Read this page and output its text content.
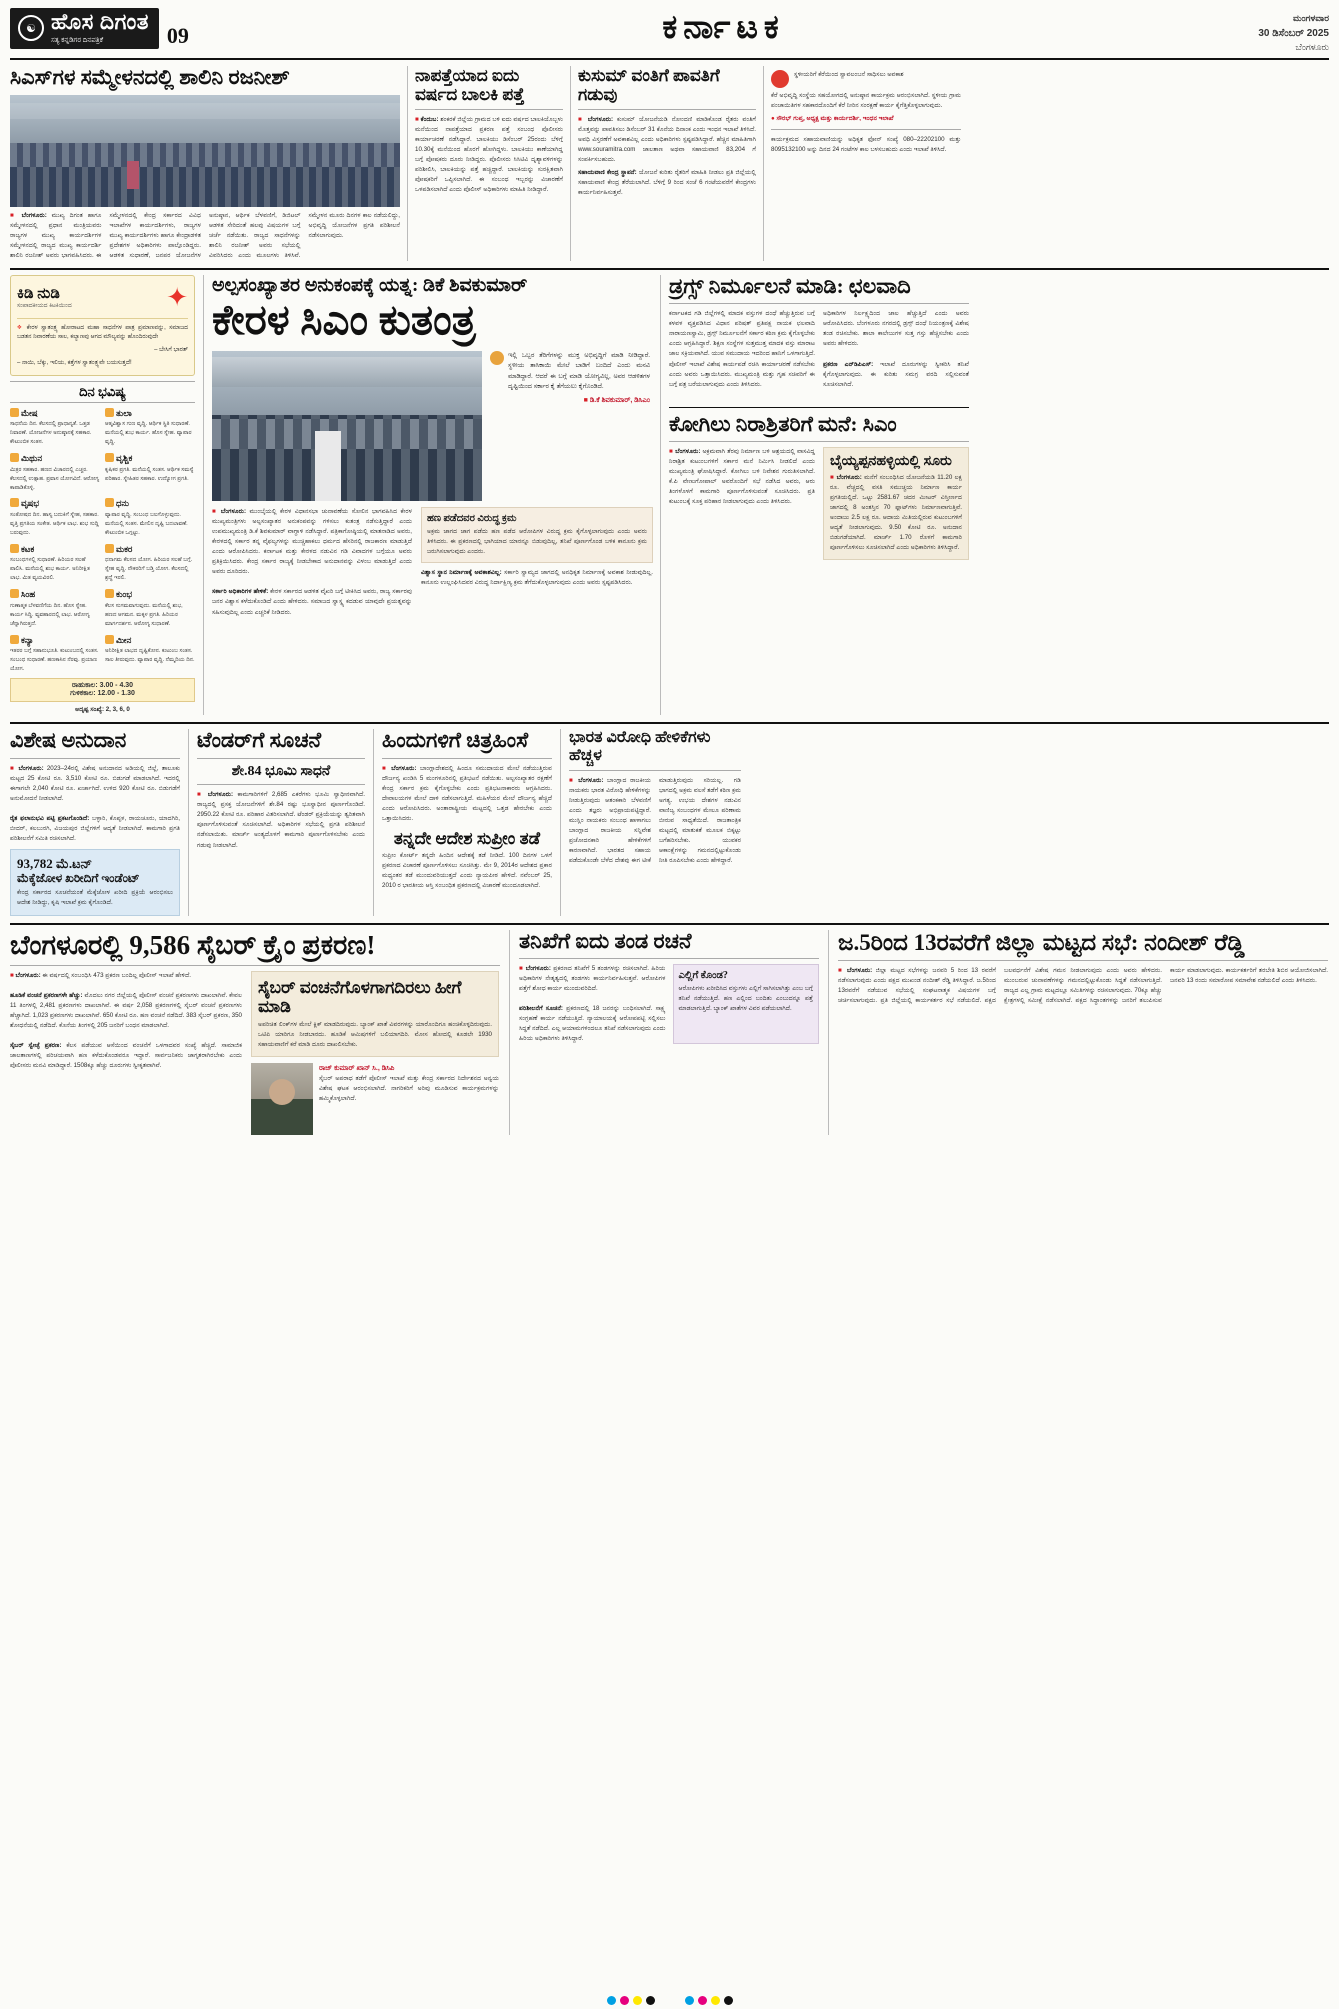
☯ ಹೊಸ ದಿಗಂತ
ಸತ್ಯ ಕನ್ನಡಿಗರ ದಿನಪತ್ರಿಕೆ	09	ಕರ್ನಾಟಕ	ಮಂಗಳವಾರ
30 ಡಿಸೆಂಬರ್ 2025
ಬೆಂಗಳೂರು
ಸಿಎಸ್‌ಗಳ ಸಮ್ಮೇಳನದಲ್ಲಿ ಶಾಲಿನಿ ರಜನೀಶ್
■ ಬೆಂಗಳೂರು: ಮುಖ್ಯ ದಿಗಂತ ಹಾಗೂ ಸಮ್ಮೇಳನದಲ್ಲಿ ಪ್ರಧಾನ ಮಂತ್ರಿಯವರು ರಾಜ್ಯಗಳ ಮುಖ್ಯ ಕಾರ್ಯದರ್ಶಿಗಳ ಸಮ್ಮೇಳನದಲ್ಲಿ ರಾಜ್ಯದ ಮುಖ್ಯ ಕಾರ್ಯದರ್ಶಿ ಶಾಲಿನಿ ರಜನೀಶ್ ಅವರು ಭಾಗವಹಿಸಿದರು. ಈ ಸಮ್ಮೇಳನದಲ್ಲಿ ಕೇಂದ್ರ ಸರ್ಕಾರದ ವಿವಿಧ ಇಲಾಖೆಗಳ ಕಾರ್ಯದರ್ಶಿಗಳು, ರಾಜ್ಯಗಳ ಮುಖ್ಯ ಕಾರ್ಯದರ್ಶಿಗಳು ಹಾಗೂ ಕೇಂದ್ರಾಡಳಿತ ಪ್ರದೇಶಗಳ ಅಧಿಕಾರಿಗಳು ಪಾಲ್ಗೊಂಡಿದ್ದರು. ಆಡಳಿತ ಸುಧಾರಣೆ, ಜನಪರ ಯೋಜನೆಗಳ ಅನುಷ್ಠಾನ, ಆರ್ಥಿಕ ಬೆಳವಣಿಗೆ, ಡಿಜಿಟಲ್ ಆಡಳಿತ ಸೇರಿದಂತೆ ಹಲವು ವಿಷಯಗಳ ಬಗ್ಗೆ ಚರ್ಚೆ ನಡೆಯಿತು. ರಾಜ್ಯದ ಸಾಧನೆಗಳನ್ನು ಶಾಲಿನಿ ರಜನೀಶ್ ಅವರು ಸಭೆಯಲ್ಲಿ ವಿವರಿಸಿದರು ಎಂದು ಮೂಲಗಳು ತಿಳಿಸಿವೆ. ಸಮ್ಮೇಳನ ಮೂರು ದಿನಗಳ ಕಾಲ ನಡೆಯಲಿದ್ದು, ಅಭಿವೃದ್ಧಿ ಯೋಜನೆಗಳ ಪ್ರಗತಿ ಪರಿಶೀಲನೆ ನಡೆಸಲಾಗುವುದು.
ನಾಪತ್ತೆಯಾದ ಐದು ವರ್ಷದ ಬಾಲಕಿ ಪತ್ತೆ
■ ಕೆಂದುಬ: ಶಂಕರಕೆ ಜಿಲ್ಲೆಯ ಗ್ರಾಮದ ಬಳಿ ಐದು ವರ್ಷದ ಬಾಲಕಿಯೊಬ್ಬಳು ಮನೆಯಿಂದ ನಾಪತ್ತೆಯಾದ ಪ್ರಕರಣ ಪತ್ತೆ ಸಂಬಂಧ ಪೊಲೀಸರು ಕಾರ್ಯಾಚರಣೆ ನಡೆಸಿದ್ದಾರೆ. ಬಾಲಕಿಯು ಡಿಸೆಂಬರ್ 25ರಂದು ಬೆಳಿಗ್ಗೆ 10.30ಕ್ಕೆ ಮನೆಯಿಂದ ಹೊರಗೆ ಹೋಗಿದ್ದಳು. ಬಾಲಕಿಯು ಕಾಣೆಯಾಗಿದ್ದ ಬಗ್ಗೆ ಪೋಷಕರು ದೂರು ನೀಡಿದ್ದರು. ಪೊಲೀಸರು ಸಿಸಿಟಿವಿ ದೃಶ್ಯಾವಳಿಗಳನ್ನು ಪರಿಶೀಲಿಸಿ, ಬಾಲಕಿಯನ್ನು ಪತ್ತೆ ಹಚ್ಚಿದ್ದಾರೆ. ಬಾಲಕಿಯನ್ನು ಸುರಕ್ಷಿತವಾಗಿ ಪೋಷಕರಿಗೆ ಒಪ್ಪಿಸಲಾಗಿದೆ. ಈ ಸಂಬಂಧ ಇಬ್ಬರನ್ನು ವಿಚಾರಣೆಗೆ ಒಳಪಡಿಸಲಾಗಿದೆ ಎಂದು ಪೊಲೀಸ್ ಅಧಿಕಾರಿಗಳು ಮಾಹಿತಿ ನೀಡಿದ್ದಾರೆ.
ಕುಸುಮ್ ವಂತಿಗೆ ಪಾವತಿಗೆ ಗಡುವು
■ ಬೆಂಗಳೂರು: ಕುಸುಮ್ ಯೋಜನೆಯಡಿ ನೋಂದಣಿ ಮಾಡಿಕೊಂಡ ರೈತರು ವಂತಿಗೆ ಮೊತ್ತವನ್ನು ಪಾವತಿಸಲು ಡಿಸೆಂಬರ್ 31 ಕೊನೆಯ ದಿನಾಂಕ ಎಂದು ಇಂಧನ ಇಲಾಖೆ ತಿಳಿಸಿದೆ. ಅವಧಿ ವಿಸ್ತರಣೆಗೆ ಅವಕಾಶವಿಲ್ಲ ಎಂದು ಅಧಿಕಾರಿಗಳು ಸ್ಪಷ್ಟಪಡಿಸಿದ್ದಾರೆ. ಹೆಚ್ಚಿನ ಮಾಹಿತಿಗಾಗಿ www.souramitra.com ಜಾಲತಾಣ ಅಥವಾ ಸಹಾಯವಾಣಿ 83,204 ಗೆ ಸಂಪರ್ಕಿಸಬಹುದು.
ಸಹಾಯವಾಣಿ ಕೇಂದ್ರ ಸ್ಥಾಪನೆ: ಯೋಜನೆ ಕುರಿತು ರೈತರಿಗೆ ಮಾಹಿತಿ ನೀಡಲು ಪ್ರತಿ ಜಿಲ್ಲೆಯಲ್ಲಿ ಸಹಾಯವಾಣಿ ಕೇಂದ್ರ ತೆರೆಯಲಾಗಿದೆ. ಬೆಳಿಗ್ಗೆ 9 ರಿಂದ ಸಂಜೆ 6 ಗಂಟೆಯವರೆಗೆ ಕೇಂದ್ರಗಳು ಕಾರ್ಯನಿರ್ವಹಿಸುತ್ತವೆ.
ಸ್ಥಳೀಯರಿಗೆ ಕೆರೆಯಿಂದ ಸ್ವಾವಲಂಬನೆ ಸಾಧಿಸಲು ಅವಕಾಶ
ಕೆರೆ ಅಭಿವೃದ್ಧಿ ಸಂಸ್ಥೆಯ ಸಹಯೋಗದಲ್ಲಿ ಅನುಷ್ಠಾನ ಕಾರ್ಯಕ್ರಮ ಆರಂಭಿಸಲಾಗಿದೆ. ಸ್ಥಳೀಯ ಗ್ರಾಮ ಪಂಚಾಯಿತಿಗಳ ಸಹಕಾರದೊಂದಿಗೆ ಕೆರೆ ನೀರಿನ ಸಂರಕ್ಷಣೆ ಕಾರ್ಯ ಕೈಗೆತ್ತಿಕೊಳ್ಳಲಾಗುವುದು.
● ಸೌರಭ್ ಗುಪ್ತ, ಅಧ್ಯಕ್ಷ ಮತ್ತು ಕಾರ್ಯದರ್ಶಿ, ಇಂಧನ ಇಲಾಖೆ
ಕಾರ್ಯಕ್ರಮದ ಸಹಾಯವಾಣಿಯನ್ನು ಅಧಿಕೃತ ಫೋನ್ ಸಂಖ್ಯೆ 080–22202100 ಮತ್ತು 8095132100 ಅನ್ನು ದಿನದ 24 ಗಂಟೆಗಳ ಕಾಲ ಬಳಸಬಹುದು ಎಂದು ಇಲಾಖೆ ತಿಳಿಸಿದೆ.
ಕಿಡಿ ನುಡಿ
ಸಂಪಾದಕೀಯದ ಕಿಟಕಿಯಿಂದ	✦
❖ ಕೇರಳ ಸ್ವಾತಂತ್ರ್ಯ ಹೋರಾಟದ ಮಹಾ ಸಾಧನೆಗಳ ಪಾತ್ರ ಪ್ರಮಾಣವನ್ನು, ಸಮಾಜದ ಬಡತನ ನಿವಾರಣೆಯ ಸಾಲ, ಕಲ್ಯಾಣವು ಆಗದ ಮೌಲ್ಯವನ್ನು ಹೊಂದಿರುವುದೇ
– ಬೇಸಿಗೆ ಭಾರತ್
– ನಾಯಿ, ಬೆಕ್ಕು, ಇಲಿಯ, ಕತ್ತೆಗಳ ಸ್ವಾತಂತ್ರ್ಯವೇ ಬಯಸುತ್ತದೆ!
ದಿನ ಭವಿಷ್ಯ
ಮೇಷ
ಸಾಧನೆಯ ದಿನ. ಕೆಲಸದಲ್ಲಿ ಪ್ರಾಧಾನ್ಯತೆ. ಒತ್ತಡ ನಿವಾರಣೆ. ಯೋಜನೆಗಳ ಅನುಷ್ಠಾನಕ್ಕೆ ಸಹಕಾರ. ಕೌಟುಂಬಿಕ ಸಂತಸ.
ತುಲಾ
ಆತ್ಮವಿಶ್ವಾಸ ಗುಣ ವೃದ್ಧಿ. ಆರ್ಥಿಕ ಸ್ಥಿತಿ ಸುಧಾರಣೆ. ಮನೆಯಲ್ಲಿ ಶುಭ ಕಾರ್ಯ. ಹೊಸ ಸ್ನೇಹ. ವ್ಯಾಪಾರ ವೃದ್ಧಿ.
ಮಿಥುನ
ಮಿತ್ರರ ಸಹಕಾರ. ಹಣದ ವಿಚಾರದಲ್ಲಿ ಎಚ್ಚರ. ಕೆಲಸದಲ್ಲಿ ಉತ್ಸಾಹ. ಪ್ರವಾಸ ಯೋಗವಿದೆ. ಆರೋಗ್ಯ ಕಾಪಾಡಿಕೊಳ್ಳಿ.
ವೃಶ್ಚಿಕ
ಕೃಷಿಕರ ಪ್ರಗತಿ. ಮನೆಯಲ್ಲಿ ಸಂತಸ. ಆರ್ಥಿಕ ಸಮಸ್ಯೆ ಪರಿಹಾರ. ಸ್ನೇಹಿತರ ಸಹಕಾರ. ಉದ್ಯೋಗ ಪ್ರಗತಿ.
ವೃಷಭ
ಸಂತೋಷದ ದಿನ. ಹಾಸ್ಯ ಬದುಕಿಗೆ ಸ್ನೇಹ, ಸಹಕಾರ. ವೃತ್ತಿ ಪ್ರಗತಿಯ ಸಂಕೇತ. ಆರ್ಥಿಕ ಲಾಭ. ಶುಭ ಸುದ್ದಿ ಬರುವುದು.
ಧನು
ವ್ಯಾಪಾರ ವೃದ್ಧಿ. ಸಂಬಂಧ ಬಲಗೊಳ್ಳುವುದು. ಮನೆಯಲ್ಲಿ ಸಂತಸ. ಮೇಲಿನ ದೃಷ್ಟಿ ಬದಲಾವಣೆ. ಕೌಟುಂಬಿಕ ಒಗ್ಗಟ್ಟು.
ಕಟಕ
ಸಂಬಂಧಗಳಲ್ಲಿ ಸುಧಾರಣೆ. ಹಿರಿಯರ ಸಲಹೆ ಪಾಲಿಸಿ. ಮನೆಯಲ್ಲಿ ಶುಭ ಕಾರ್ಯ. ಅನಿರೀಕ್ಷಿತ ಲಾಭ. ಮಿತ ವ್ಯಯವಿರಲಿ.
ಮಕರ
ಧನಾಗಮ ಕೆಲಸದ ಯೋಗ. ಹಿರಿಯರ ಸಲಹೆ ಬಗ್ಗೆ. ಸ್ನೇಹ ವೃದ್ಧಿ. ನೌಕರರಿಗೆ ಬಡ್ತಿ ಯೋಗ. ಕೆಲಸದಲ್ಲಿ ಶ್ರದ್ಧೆ ಇರಲಿ.
ಸಿಂಹ
ಗುಣಾತ್ಮಕ ಬೆಳವಣಿಗೆಯ ದಿನ. ಹೊಸ ಸ್ನೇಹ. ಕಾರ್ಯ ಸಿದ್ಧಿ. ವ್ಯವಹಾರದಲ್ಲಿ ಲಾಭ. ಆರೋಗ್ಯ ಚೆನ್ನಾಗಿರುತ್ತದೆ.
ಕುಂಭ
ಕೆಲಸ ಸುಗಮವಾಗುವುದು. ಮನೆಯಲ್ಲಿ ಶುಭ, ಹಣದ ಆಗಮನ. ಮಕ್ಕಳ ಪ್ರಗತಿ. ಹಿರಿಯರ ಮಾರ್ಗದರ್ಶನ. ಆರೋಗ್ಯ ಸುಧಾರಣೆ.
ಕನ್ಯಾ
ಇತರರ ಬಗ್ಗೆ ಸಹಾನುಭೂತಿ. ಕುಟುಂಬದಲ್ಲಿ ಸಂತಸ. ಸಂಬಂಧ ಸುಧಾರಣೆ. ಹಣಕಾಸಿನ ನೆರವು. ಪ್ರಯಾಣ ಯೋಗ.
ಮೀನ
ಅನಿರೀಕ್ಷಿತ ಲಾಭದ ದೃಷ್ಟಿಕೋನ. ಕುಟುಂಬ ಸಂತಸ. ಸಾಲ ತೀರುವುದು. ವ್ಯಾಪಾರ ವೃದ್ಧಿ. ನೆಮ್ಮದಿಯ ದಿನ.
ರಾಹುಕಾಲ: 3.00 - 4.30
ಗುಳಿಕಕಾಲ: 12.00 - 1.30
ಅದೃಷ್ಟ ಸಂಖ್ಯೆ: 2, 3, 6, 0
ಅಲ್ಪಸಂಖ್ಯಾತರ ಅನುಕಂಪಕ್ಕೆ ಯತ್ನ: ಡಿಕೆ ಶಿವಕುಮಾರ್
ಕೇರಳ ಸಿಎಂ ಕುತಂತ್ರ
ಇಲ್ಲಿ ಒಬ್ಬರ ತೆರಿಗೆಗಳನ್ನು ಮುಕ್ತ ಅಭಿವೃದ್ಧಿಗೆ ಮಾಡಿ ನೀಡಿದ್ದಾರೆ. ಸ್ಥಳೀಯ ತಾಸಿಕಾಯಿ ಮೇಲೆ ಬಾಡಿಗೆ ಬಂದಿದೆ ಎಂದು ಮನವಿ ಮಾಡಿದ್ದಾರೆ. ಆದರೆ ಈ ಬಗ್ಗೆ ಮಾಡಿ ಯೋಗ್ಯವಿಲ್ಲ, ಅವರ ಆಡಳಿತಗಳ ದೃಷ್ಟಿಯಿಂದ ಸರ್ಕಾರ ಕೈ ತೆಗೆಯಲು ಕೈಗೊಂಡಿದೆ.
■ ಡಿ.ಕೆ ಶಿವಕುಮಾರ್, ಡಿಸಿಎಂ
■ ಬೆಂಗಳೂರು: ಮುಂಬೈಯಲ್ಲಿ ಕೇರಳ ವಿಧಾನಸಭಾ ಚುನಾವಣೆಯ ಸೋಲಿನ ಭಾಗವಹಿಸಿದ ಕೇರಳ ಮುಖ್ಯಮಂತ್ರಿಗಳು ಅಲ್ಪಸಂಖ್ಯಾತರ ಅನುಕಂಪವನ್ನು ಗಳಿಸಲು ಕುತಂತ್ರ ನಡೆಸುತ್ತಿದ್ದಾರೆ ಎಂದು ಉಪಮುಖ್ಯಮಂತ್ರಿ ಡಿ.ಕೆ ಶಿವಕುಮಾರ್ ವಾಗ್ದಾಳಿ ನಡೆಸಿದ್ದಾರೆ. ಪತ್ರಿಕಾಗೋಷ್ಠಿಯಲ್ಲಿ ಮಾತನಾಡಿದ ಅವರು, ಕೇರಳದಲ್ಲಿ ಸರ್ಕಾರ ತನ್ನ ವೈಫಲ್ಯಗಳನ್ನು ಮುಚ್ಚಿಹಾಕಲು ಧರ್ಮದ ಹೆಸರಿನಲ್ಲಿ ರಾಜಕಾರಣ ಮಾಡುತ್ತಿದೆ ಎಂದು ಆರೋಪಿಸಿದರು. ಕರ್ನಾಟಕ ಮತ್ತು ಕೇರಳದ ನಡುವಿನ ಗಡಿ ವಿವಾದಗಳ ಬಗ್ಗೆಯೂ ಅವರು ಪ್ರತಿಕ್ರಿಯಿಸಿದರು. ಕೇಂದ್ರ ಸರ್ಕಾರ ರಾಜ್ಯಕ್ಕೆ ನೀಡಬೇಕಾದ ಅನುದಾನವನ್ನು ವಿಳಂಬ ಮಾಡುತ್ತಿದೆ ಎಂದು ಅವರು ದೂರಿದರು.

ಸರ್ಕಾರಿ ಅಧಿಕಾರಿಗಳ ಹೇಳಿಕೆ: ಕೇರಳ ಸರ್ಕಾರದ ಆಡಳಿತ ವೈಖರಿ ಬಗ್ಗೆ ಟೀಕಿಸಿದ ಅವರು, ರಾಜ್ಯ ಸರ್ಕಾರವು ಜನರ ವಿಶ್ವಾಸ ಕಳೆದುಕೊಂಡಿದೆ ಎಂದು ಹೇಳಿದರು. ಸಮಾಜದ ಸ್ವಾಸ್ಥ್ಯ ಕದಡುವ ಯಾವುದೇ ಪ್ರಯತ್ನವನ್ನು ಸಹಿಸುವುದಿಲ್ಲ ಎಂದು ಎಚ್ಚರಿಕೆ ನೀಡಿದರು.
ಹಣ ಪಡೆದವರ ವಿರುದ್ಧ ಕ್ರಮ
ಅಕ್ರಮ ಜಾಗದ ಜಾಗ ಪಡೆದು ಹಣ ಪಡೆದ ಆರೋಪಿಗಳ ವಿರುದ್ಧ ಕ್ರಮ ಕೈಗೊಳ್ಳಲಾಗುವುದು ಎಂದು ಅವರು ತಿಳಿಸಿದರು. ಈ ಪ್ರಕರಣದಲ್ಲಿ ಭಾಗಿಯಾದ ಯಾರನ್ನೂ ಬಿಡುವುದಿಲ್ಲ, ತನಿಖೆ ಪೂರ್ಣಗೊಂಡ ಬಳಿಕ ಕಾನೂನು ಕ್ರಮ ಜರುಗಿಸಲಾಗುವುದು ಎಂದರು.
ವಿಶ್ವಾಸ ಸ್ಥಾನ ನಿರ್ಮಾಣಕ್ಕೆ ಅವಕಾಶವಿಲ್ಲ: ಸರ್ಕಾರಿ ಸ್ವಾಮ್ಯದ ಜಾಗದಲ್ಲಿ ಅನಧಿಕೃತ ನಿರ್ಮಾಣಕ್ಕೆ ಅವಕಾಶ ನೀಡುವುದಿಲ್ಲ. ಕಾನೂನು ಉಲ್ಲಂಘಿಸಿದವರ ವಿರುದ್ಧ ನಿರ್ದಾಕ್ಷಿಣ್ಯ ಕ್ರಮ ತೆಗೆದುಕೊಳ್ಳಲಾಗುವುದು ಎಂದು ಅವರು ಸ್ಪಷ್ಟಪಡಿಸಿದರು.
ಡ್ರಗ್ಸ್ ನಿರ್ಮೂಲನೆ ಮಾಡಿ: ಛಲವಾದಿ
ಕರ್ನಾಟಕದ ಗಡಿ ಜಿಲ್ಲೆಗಳಲ್ಲಿ ಮಾದಕ ವಸ್ತುಗಳ ದಂಧೆ ಹೆಚ್ಚುತ್ತಿರುವ ಬಗ್ಗೆ ಕಳವಳ ವ್ಯಕ್ತಪಡಿಸಿದ ವಿಧಾನ ಪರಿಷತ್ ಪ್ರತಿಪಕ್ಷ ನಾಯಕ ಛಲವಾದಿ ನಾರಾಯಣಸ್ವಾಮಿ, ಡ್ರಗ್ಸ್ ನಿರ್ಮೂಲನೆಗೆ ಸರ್ಕಾರ ಕಠಿಣ ಕ್ರಮ ಕೈಗೊಳ್ಳಬೇಕು ಎಂದು ಆಗ್ರಹಿಸಿದ್ದಾರೆ. ಶಿಕ್ಷಣ ಸಂಸ್ಥೆಗಳ ಸುತ್ತಮುತ್ತ ಮಾದಕ ವಸ್ತು ಮಾರಾಟ ಜಾಲ ಸಕ್ರಿಯವಾಗಿದೆ. ಯುವ ಸಮುದಾಯ ಇದರಿಂದ ಹಾನಿಗೆ ಒಳಗಾಗುತ್ತಿದೆ. ಪೊಲೀಸ್ ಇಲಾಖೆ ವಿಶೇಷ ಕಾರ್ಯಪಡೆ ರಚಿಸಿ ಕಾರ್ಯಾಚರಣೆ ನಡೆಸಬೇಕು ಎಂದು ಅವರು ಒತ್ತಾಯಿಸಿದರು. ಮುಖ್ಯಮಂತ್ರಿ ಮತ್ತು ಗೃಹ ಸಚಿವರಿಗೆ ಈ ಬಗ್ಗೆ ಪತ್ರ ಬರೆಯಲಾಗುವುದು ಎಂದು ತಿಳಿಸಿದರು.

ಅಧಿಕಾರಿಗಳ ನಿರ್ಲಕ್ಷ್ಯದಿಂದ ಜಾಲ ಹೆಚ್ಚುತ್ತಿದೆ ಎಂದು ಅವರು ಆರೋಪಿಸಿದರು. ಬೆಂಗಳೂರು ನಗರದಲ್ಲಿ ಡ್ರಗ್ಸ್ ದಂಧೆ ನಿಯಂತ್ರಣಕ್ಕೆ ವಿಶೇಷ ತಂಡ ರಚಿಸಬೇಕು. ಶಾಲಾ ಕಾಲೇಜುಗಳ ಸುತ್ತ ಗಸ್ತು ಹೆಚ್ಚಿಸಬೇಕು ಎಂದು ಅವರು ಹೇಳಿದರು.

ಪ್ರಕರಣ ಎನ್‌ಡಿಪಿಎಸ್: ಇಲಾಖೆ ದೂರುಗಳನ್ನು ಸ್ವೀಕರಿಸಿ ತನಿಖೆ ಕೈಗೊಳ್ಳಲಾಗುವುದು. ಈ ಕುರಿತು ಸಮಗ್ರ ವರದಿ ಸಲ್ಲಿಸುವಂತೆ ಸೂಚಿಸಲಾಗಿದೆ.
ಕೋಗಿಲು ನಿರಾಶ್ರಿತರಿಗೆ ಮನೆ: ಸಿಎಂ
■ ಬೆಂಗಳೂರು: ಅಕ್ರಮವಾಗಿ ತೆರವು ನಿರ್ಮಾಣ ಬಳಿ ಆಶ್ರಯದಲ್ಲಿ ವಾಸವಿದ್ದ ನಿರಾಶ್ರಿತ ಕುಟುಂಬಗಳಿಗೆ ಸರ್ಕಾರ ಮನೆ ನಿರ್ಮಿಸಿ ನೀಡಲಿದೆ ಎಂದು ಮುಖ್ಯಮಂತ್ರಿ ಘೋಷಿಸಿದ್ದಾರೆ. ಕೋಗಿಲು ಬಳಿ ನಿವೇಶನ ಗುರುತಿಸಲಾಗಿದೆ. ಕೆ.ಪಿ ವೇಣುಗೋಪಾಲ್ ಅವರೊಂದಿಗೆ ಸಭೆ ನಡೆಸಿದ ಅವರು, ಆರು ತಿಂಗಳೊಳಗೆ ಕಾಮಗಾರಿ ಪೂರ್ಣಗೊಳಿಸುವಂತೆ ಸೂಚಿಸಿದರು. ಪ್ರತಿ ಕುಟುಂಬಕ್ಕೆ ಸೂಕ್ತ ಪರಿಹಾರ ನೀಡಲಾಗುವುದು ಎಂದು ತಿಳಿಸಿದರು.
ಬೈಯ್ಯಪ್ಪನಹಳ್ಳಿಯಲ್ಲಿ ಸೂರು
■ ಬೆಂಗಳೂರು: ಮನೆಗೆ ಸಂಬಂಧಿಸಿದ ಯೋಜನೆಯಡಿ 11.20 ಲಕ್ಷ ರೂ. ವೆಚ್ಚದಲ್ಲಿ ವಸತಿ ಸಮುಚ್ಚಯ ನಿರ್ಮಾಣ ಕಾರ್ಯ ಪ್ರಗತಿಯಲ್ಲಿದೆ. ಒಟ್ಟು 2581.67 ಚದರ ಮೀಟರ್ ವಿಸ್ತೀರ್ಣದ ಜಾಗದಲ್ಲಿ 8 ಅಂತಸ್ತಿನ 70 ಫ್ಲಾಟ್‌ಗಳು ನಿರ್ಮಾಣವಾಗುತ್ತಿವೆ. ಅಂದಾಜು 2.5 ಲಕ್ಷ ರೂ. ಆದಾಯ ಮಿತಿಯಲ್ಲಿರುವ ಕುಟುಂಬಗಳಿಗೆ ಆದ್ಯತೆ ನೀಡಲಾಗುವುದು. 9.50 ಕೋಟಿ ರೂ. ಅನುದಾನ ಬಿಡುಗಡೆಯಾಗಿದೆ. ಮಾರ್ಚ್ 1.70 ರೊಳಗೆ ಕಾಮಗಾರಿ ಪೂರ್ಣಗೊಳಿಸಲು ಸೂಚಿಸಲಾಗಿದೆ ಎಂದು ಅಧಿಕಾರಿಗಳು ತಿಳಿಸಿದ್ದಾರೆ.
ವಿಶೇಷ ಅನುದಾನ
■ ಬೆಂಗಳೂರು: 2023–24ರಲ್ಲಿ ವಿಶೇಷ ಅನುದಾನದ ಅಡಿಯಲ್ಲಿ ಜಿಲ್ಲೆ, ತಾಲೂಕು ಮಟ್ಟದ 25 ಕೋಟಿ ರೂ. 3,510 ಕೋಟಿ ರೂ. ಬಿಡುಗಡೆ ಮಾಡಲಾಗಿದೆ. ಇದರಲ್ಲಿ ಈಗಾಗಲೇ 2,040 ಕೋಟಿ ರೂ. ಖರ್ಚಾಗಿದೆ. ಉಳಿದ 920 ಕೋಟಿ ರೂ. ಬಿಡುಗಡೆಗೆ ಅನುಮೋದನೆ ನೀಡಲಾಗಿದೆ.

ರೈತ ಫಲಾನುಭವಿ ಪಟ್ಟಿ ಪ್ರಕಟಗೊಂಡಿದೆ: ಬಳ್ಳಾರಿ, ಕೊಪ್ಪಳ, ರಾಯಚೂರು, ಯಾದಗಿರಿ, ಬೀದರ್, ಕಲಬುರಗಿ, ವಿಜಯಪುರ ಜಿಲ್ಲೆಗಳಿಗೆ ಆದ್ಯತೆ ನೀಡಲಾಗಿದೆ. ಕಾಮಗಾರಿ ಪ್ರಗತಿ ಪರಿಶೀಲನೆಗೆ ಸಮಿತಿ ರಚಿಸಲಾಗಿದೆ.
93,782 ಮೆ.ಟನ್
ಮೆಕ್ಕೆಜೋಳ ಖರೀದಿಗೆ ಇಂಡೆಂಟ್
ಕೇಂದ್ರ ಸರ್ಕಾರದ ಸೂಚನೆಯಂತೆ ಮೆಕ್ಕೆಜೋಳ ಖರೀದಿ ಪ್ರಕ್ರಿಯೆ ಆರಂಭಿಸಲು ಆದೇಶ ನೀಡಿದ್ದು, ಕೃಷಿ ಇಲಾಖೆ ಕ್ರಮ ಕೈಗೊಂಡಿದೆ.
ಟೆಂಡರ್‌ಗೆ ಸೂಚನೆ
ಶೇ.84 ಭೂಮಿ ಸಾಧನೆ
■ ಬೆಂಗಳೂರು: ಕಾಮಗಾರಿಗಳಿಗೆ 2,685 ಎಕರೆಗಳು ಭೂಮಿ ಸ್ವಾಧೀನವಾಗಿದೆ. ರಾಜ್ಯದಲ್ಲಿ ಪ್ರಸಕ್ತ ಯೋಜನೆಗಳಿಗೆ ಶೇ.84 ರಷ್ಟು ಭೂಸ್ವಾಧೀನ ಪೂರ್ಣಗೊಂಡಿದೆ. 2950.22 ಕೋಟಿ ರೂ. ಪರಿಹಾರ ವಿತರಿಸಲಾಗಿದೆ. ಟೆಂಡರ್ ಪ್ರಕ್ರಿಯೆಯನ್ನು ತ್ವರಿತವಾಗಿ ಪೂರ್ಣಗೊಳಿಸುವಂತೆ ಸೂಚಿಸಲಾಗಿದೆ. ಅಧಿಕಾರಿಗಳ ಸಭೆಯಲ್ಲಿ ಪ್ರಗತಿ ಪರಿಶೀಲನೆ ನಡೆಸಲಾಯಿತು. ಮಾರ್ಚ್ ಅಂತ್ಯದೊಳಗೆ ಕಾಮಗಾರಿ ಪೂರ್ಣಗೊಳಿಸಬೇಕು ಎಂದು ಗಡುವು ನೀಡಲಾಗಿದೆ.
ಹಿಂದುಗಳಿಗೆ ಚಿತ್ರಹಿಂಸೆ
■ ಬೆಂಗಳೂರು: ಬಾಂಗ್ಲಾದೇಶದಲ್ಲಿ ಹಿಂದೂ ಸಮುದಾಯದ ಮೇಲೆ ನಡೆಯುತ್ತಿರುವ ದೌರ್ಜನ್ಯ ಖಂಡಿಸಿ 5 ಮಂಗಳೂರಿನಲ್ಲಿ ಪ್ರತಿಭಟನೆ ನಡೆಯಿತು. ಅಲ್ಪಸಂಖ್ಯಾತರ ರಕ್ಷಣೆಗೆ ಕೇಂದ್ರ ಸರ್ಕಾರ ಕ್ರಮ ಕೈಗೊಳ್ಳಬೇಕು ಎಂದು ಪ್ರತಿಭಟನಾಕಾರರು ಆಗ್ರಹಿಸಿದರು. ದೇವಾಲಯಗಳ ಮೇಲೆ ದಾಳಿ ನಡೆಸಲಾಗುತ್ತಿದೆ. ಮಹಿಳೆಯರ ಮೇಲೆ ದೌರ್ಜನ್ಯ ಹೆಚ್ಚಿದೆ ಎಂದು ಆರೋಪಿಸಿದರು. ಅಂತಾರಾಷ್ಟ್ರೀಯ ಮಟ್ಟದಲ್ಲಿ ಒತ್ತಡ ಹೇರಬೇಕು ಎಂದು ಒತ್ತಾಯಿಸಿದರು.
ತನ್ನದೇ ಆದೇಶ ಸುಪ್ರೀಂ ತಡೆ
ಸುಪ್ರೀಂ ಕೋರ್ಟ್ ತನ್ನದೇ ಹಿಂದಿನ ಆದೇಶಕ್ಕೆ ತಡೆ ನೀಡಿದೆ. 100 ದಿನಗಳ ಒಳಗೆ ಪ್ರಕರಣದ ವಿಚಾರಣೆ ಪೂರ್ಣಗೊಳಿಸಲು ಸೂಚಿಸಿತ್ತು. ಮೇ 9, 2014ರ ಆದೇಶದ ಪ್ರಕಾರ ಮಧ್ಯಂತರ ತಡೆ ಮುಂದುವರಿಯುತ್ತದೆ ಎಂದು ನ್ಯಾಯಪೀಠ ಹೇಳಿದೆ. ನವೆಂಬರ್ 25, 2010 ರ ಭಾರತೀಯ ಆಸ್ತಿ ಸಂಬಂಧಿತ ಪ್ರಕರಣದಲ್ಲಿ ವಿಚಾರಣೆ ಮುಂದೂಡಲಾಗಿದೆ.
ಭಾರತ ವಿರೋಧಿ ಹೇಳಿಕೆಗಳು ಹೆಚ್ಚಳ
■ ಬೆಂಗಳೂರು: ಬಾಂಗ್ಲಾದ ರಾಜಕೀಯ ನಾಯಕರು ಭಾರತ ವಿರೋಧಿ ಹೇಳಿಕೆಗಳನ್ನು ನೀಡುತ್ತಿರುವುದು ಆತಂಕಕಾರಿ ಬೆಳವಣಿಗೆ ಎಂದು ತಜ್ಞರು ಅಭಿಪ್ರಾಯಪಟ್ಟಿದ್ದಾರೆ. ಮುಸ್ಲಿಂ ನಾಯಕರು ಸಂಬಂಧ ಹಾಳಾಗಲು ಬಾಂಗ್ಲಾದ ರಾಜಕೀಯ ಸನ್ನಿವೇಶ ಪ್ರಚೋದನಕಾರಿ ಹೇಳಿಕೆಗಳಿಗೆ ಕಾರಣವಾಗಿದೆ. ಭಾರತದ ಸಹಾಯ ಪಡೆದುಕೊಂಡೇ ಬೆಳೆದ ದೇಶವು ಈಗ ಟೀಕೆ ಮಾಡುತ್ತಿರುವುದು ಸರಿಯಲ್ಲ. ಗಡಿ ಭಾಗದಲ್ಲಿ ಅಕ್ರಮ ವಲಸೆ ತಡೆಗೆ ಕಠಿಣ ಕ್ರಮ ಅಗತ್ಯ. ಉಭಯ ದೇಶಗಳ ನಡುವಿನ ವಾಣಿಜ್ಯ ಸಂಬಂಧಗಳ ಮೇಲೂ ಪರಿಣಾಮ ಬೀರುವ ಸಾಧ್ಯತೆಯಿದೆ. ರಾಜತಾಂತ್ರಿಕ ಮಟ್ಟದಲ್ಲಿ ಮಾತುಕತೆ ಮೂಲಕ ಬಿಕ್ಕಟ್ಟು ಬಗೆಹರಿಸಬೇಕು. ಯುವಕರ ಆಕಾಂಕ್ಷೆಗಳನ್ನು ಗಮನದಲ್ಲಿಟ್ಟುಕೊಂಡು ನೀತಿ ರೂಪಿಸಬೇಕು ಎಂದು ಹೇಳಿದ್ದಾರೆ.
ಬೆಂಗಳೂರಲ್ಲಿ 9,586 ಸೈಬರ್ ಕ್ರೈಂ ಪ್ರಕರಣ!
■ ಬೆಂಗಳೂರು: ಈ ವರ್ಷದಲ್ಲಿ ಸಂಬಂಧಿಸಿ 473 ಪ್ರಕರಣ ಬಂದಿಲ್ಲ ಪೊಲೀಸ್ ಇಲಾಖೆ ಹೇಳಿದೆ.

ಹೂಡಿಕೆ ವಂಚನೆ ಪ್ರಕರಣಗಳೇ ಹೆಚ್ಚು: ಮೊದಲು ನಗರ ಜಿಲ್ಲೆಯಲ್ಲಿ ಪೊಲೀಸ್ ವಂಚನೆ ಪ್ರಕರಣಗಳು ದಾಖಲಾಗಿವೆ. ಕೇವಲ 11 ತಿಂಗಳಲ್ಲಿ 2,481 ಪ್ರಕರಣಗಳು ದಾಖಲಾಗಿವೆ. ಈ ವರ್ಷ 2,058 ಪ್ರಕರಣಗಳಲ್ಲಿ ಸೈಬರ್ ವಂಚನೆ ಪ್ರಕರಣಗಳು ಹೆಚ್ಚಾಗಿದೆ. 1,023 ಪ್ರಕರಣಗಳು ದಾಖಲಾಗಿವೆ. 650 ಕೋಟಿ ರೂ. ಹಣ ವಂಚನೆ ನಡೆದಿದೆ. 383 ಸೈಬರ್ ಪ್ರಕರಣ, 350 ಶೋಧನೆಯಲ್ಲಿ ನಡೆದಿದೆ. ಕೊನೆಯ ತಿಂಗಳಲ್ಲಿ 205 ಜನರಿಗೆ ಬಂಧನ ಮಾಡಲಾಗಿದೆ.

ಸೈಬರ್ ಸ್ವೇಚ್ಛೆ ಪ್ರಕರಣ: ಕೆಲಸ ಪಡೆಯುವ ಆಸೆಯಿಂದ ವಂಚನೆಗೆ ಒಳಗಾದವರ ಸಂಖ್ಯೆ ಹೆಚ್ಚಿದೆ. ಸಾಮಾಜಿಕ ಜಾಲತಾಣಗಳಲ್ಲಿ ಪರಿಚಯವಾಗಿ ಹಣ ಕಳೆದುಕೊಂಡವರೂ ಇದ್ದಾರೆ. ಸಾರ್ವಜನಿಕರು ಜಾಗೃತರಾಗಿರಬೇಕು ಎಂದು ಪೊಲೀಸರು ಮನವಿ ಮಾಡಿದ್ದಾರೆ. 1508ಕ್ಕೂ ಹೆಚ್ಚು ದೂರುಗಳು ಸ್ವೀಕೃತವಾಗಿವೆ.
ಸೈಬರ್ ವಂಚನೆಗೊಳಗಾಗದಿರಲು ಹೀಗೆ ಮಾಡಿ
ಅಪರಿಚಿತ ಲಿಂಕ್‌ಗಳ ಮೇಲೆ ಕ್ಲಿಕ್ ಮಾಡದಿರುವುದು. ಬ್ಯಾಂಕ್ ಖಾತೆ ವಿವರಗಳನ್ನು ಯಾರೊಂದಿಗೂ ಹಂಚಿಕೊಳ್ಳದಿರುವುದು. ಒಟಿಪಿ ಯಾರಿಗೂ ನೀಡಬಾರದು. ಹೂಡಿಕೆ ಆಮಿಷಗಳಿಗೆ ಬಲಿಯಾಗದಿರಿ. ಮೋಸ ಹೋದಲ್ಲಿ ಕೂಡಲೇ 1930 ಸಹಾಯವಾಣಿಗೆ ಕರೆ ಮಾಡಿ ದೂರು ದಾಖಲಿಸಬೇಕು.
ರಾಜ್ ಕುಮಾರ್ ಖಾನ್ ಸಿ., ಡಿಸಿಪಿ
ಸೈಬರ್ ಅಪರಾಧ ತಡೆಗೆ ಪೊಲೀಸ್ ಇಲಾಖೆ ಮತ್ತು ಕೇಂದ್ರ ಸರ್ಕಾರದ ನಿರ್ದೇಶನದ ಅನ್ವಯ ವಿಶೇಷ ಘಟಕ ಆರಂಭಿಸಲಾಗಿದೆ. ನಾಗರಿಕರಿಗೆ ಅರಿವು ಮೂಡಿಸುವ ಕಾರ್ಯಕ್ರಮಗಳನ್ನು ಹಮ್ಮಿಕೊಳ್ಳಲಾಗಿದೆ.
ತನಿಖೆಗೆ ಐದು ತಂಡ ರಚನೆ
■ ಬೆಂಗಳೂರು: ಪ್ರಕರಣದ ತನಿಖೆಗೆ 5 ತಂಡಗಳನ್ನು ರಚಿಸಲಾಗಿದೆ. ಹಿರಿಯ ಅಧಿಕಾರಿಗಳ ನೇತೃತ್ವದಲ್ಲಿ ತಂಡಗಳು ಕಾರ್ಯನಿರ್ವಹಿಸುತ್ತವೆ. ಆರೋಪಿಗಳ ಪತ್ತೆಗೆ ಶೋಧ ಕಾರ್ಯ ಮುಂದುವರಿದಿದೆ.

ಪರಿಶೀಲನೆಗೆ ಸೂಚನೆ: ಪ್ರಕರಣದಲ್ಲಿ 18 ಜನರನ್ನು ಬಂಧಿಸಲಾಗಿದೆ. ಸಾಕ್ಷ್ಯ ಸಂಗ್ರಹಣೆ ಕಾರ್ಯ ನಡೆಯುತ್ತಿದೆ. ನ್ಯಾಯಾಲಯಕ್ಕೆ ಆರೋಪಪಟ್ಟಿ ಸಲ್ಲಿಸಲು ಸಿದ್ಧತೆ ನಡೆದಿದೆ. ಎಲ್ಲ ಆಯಾಮಗಳಿಂದಲೂ ತನಿಖೆ ನಡೆಸಲಾಗುವುದು ಎಂದು ಹಿರಿಯ ಅಧಿಕಾರಿಗಳು ತಿಳಿಸಿದ್ದಾರೆ.
ಎಲ್ಲಿಗೆ ಕೊಂಡ?
ಆರೋಪಿಗಳು ಖರೀದಿಸಿದ ವಸ್ತುಗಳು ಎಲ್ಲಿಗೆ ಸಾಗಿಸಲಾಗಿತ್ತು ಎಂಬ ಬಗ್ಗೆ ತನಿಖೆ ನಡೆಯುತ್ತಿದೆ. ಹಣ ಎಲ್ಲಿಂದ ಬಂದಿತು ಎಂಬುದನ್ನೂ ಪತ್ತೆ ಮಾಡಲಾಗುತ್ತಿದೆ. ಬ್ಯಾಂಕ್ ಖಾತೆಗಳ ವಿವರ ಪಡೆಯಲಾಗಿದೆ.
ಜ.5ರಿಂದ 13ರವರೆಗೆ ಜಿಲ್ಲಾ ಮಟ್ಟದ ಸಭೆ: ನಂದೀಶ್ ರೆಡ್ಡಿ
■ ಬೆಂಗಳೂರು: ಜಿಲ್ಲಾ ಮಟ್ಟದ ಸಭೆಗಳನ್ನು ಜನವರಿ 5 ರಿಂದ 13 ರವರೆಗೆ ನಡೆಸಲಾಗುವುದು ಎಂದು ಪಕ್ಷದ ಮುಖಂಡ ನಂದೀಶ್ ರೆಡ್ಡಿ ತಿಳಿಸಿದ್ದಾರೆ. ಜ.5ರಿಂದ 13ರವರೆಗೆ ನಡೆಯುವ ಸಭೆಯಲ್ಲಿ ಸಂಘಟನಾತ್ಮಕ ವಿಷಯಗಳ ಬಗ್ಗೆ ಚರ್ಚಿಸಲಾಗುವುದು. ಪ್ರತಿ ಜಿಲ್ಲೆಯಲ್ಲಿ ಕಾರ್ಯಕರ್ತರ ಸಭೆ ನಡೆಯಲಿದೆ. ಪಕ್ಷದ ಬಲವರ್ಧನೆಗೆ ವಿಶೇಷ ಗಮನ ನೀಡಲಾಗುವುದು ಎಂದು ಅವರು ಹೇಳಿದರು. ಮುಂಬರುವ ಚುನಾವಣೆಗಳನ್ನು ಗಮನದಲ್ಲಿಟ್ಟುಕೊಂಡು ಸಿದ್ಧತೆ ನಡೆಸಲಾಗುತ್ತಿದೆ. ರಾಜ್ಯದ ಎಲ್ಲ ಗ್ರಾಮ ಮಟ್ಟದಲ್ಲೂ ಸಮಿತಿಗಳನ್ನು ರಚಿಸಲಾಗುವುದು. 70ಕ್ಕೂ ಹೆಚ್ಚು ಕ್ಷೇತ್ರಗಳಲ್ಲಿ ಸಮೀಕ್ಷೆ ನಡೆಸಲಾಗಿದೆ. ಪಕ್ಷದ ಸಿದ್ಧಾಂತಗಳನ್ನು ಜನರಿಗೆ ತಲುಪಿಸುವ ಕಾರ್ಯ ಮಾಡಲಾಗುವುದು. ಕಾರ್ಯಕರ್ತರಿಗೆ ತರಬೇತಿ ಶಿಬಿರ ಆಯೋಜಿಸಲಾಗಿದೆ. ಜನವರಿ 13 ರಂದು ಸಮಾರೋಪ ಸಮಾವೇಶ ನಡೆಯಲಿದೆ ಎಂದು ತಿಳಿಸಿದರು.
